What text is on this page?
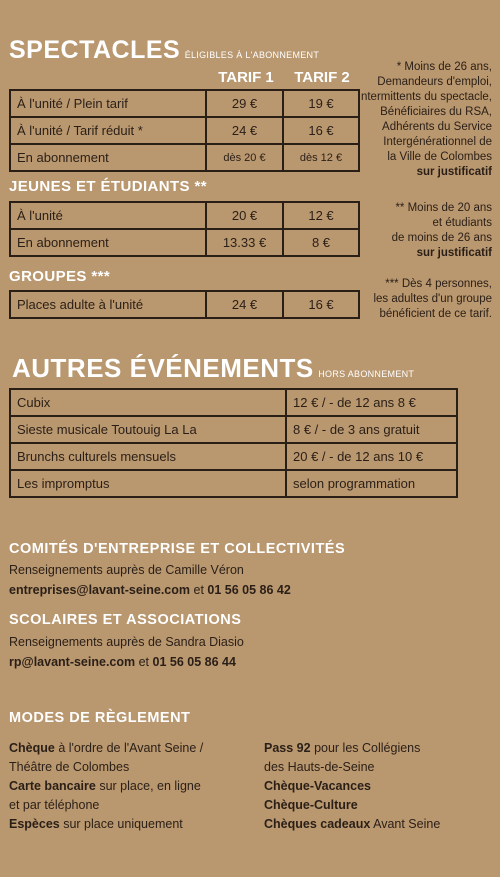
SPECTACLES ÉLIGIBLES À L'ABONNEMENT
TARIF 1	TARIF 2
À l'unité / Plein tarif	29 €	19 €
À l'unité / Tarif réduit *	24 €	16 €
En abonnement	dès 20 €	dès 12 €
JEUNES ET ÉTUDIANTS **
À l'unité	20 €	12 €
En abonnement	13.33 €	8 €
GROUPES ***
Places adulte à l'unité	24 €	16 €
* Moins de 26 ans,
Demandeurs d'emploi,
Intermittents du spectacle,
Bénéficiaires du RSA,
Adhérents du Service
Intergénérationnel de
la Ville de Colombes
sur justificatif
** Moins de 20 ans
et étudiants
de moins de 26 ans
sur justificatif
*** Dès 4 personnes,
les adultes d'un groupe
bénéficient de ce tarif.
AUTRES ÉVÉNEMENTS HORS ABONNEMENT
Cubix	12 € / - de 12 ans 8 €
Sieste musicale Toutouig La La	8 € / - de 3 ans gratuit
Brunchs culturels mensuels	20 € / - de 12 ans 10 €
Les impromptus	selon programmation
COMITÉS D'ENTREPRISE ET COLLECTIVITÉS
Renseignements auprès de Camille Véron
entreprises@lavant-seine.com et 01 56 05 86 42
SCOLAIRES ET ASSOCIATIONS
Renseignements auprès de Sandra Diasio
rp@lavant-seine.com et 01 56 05 86 44
MODES DE RÈGLEMENT
Chèque à l'ordre de l'Avant Seine /
Théâtre de Colombes
Carte bancaire sur place, en ligne
et par téléphone
Espèces sur place uniquement
Pass 92 pour les Collégiens
des Hauts-de-Seine
Chèque-Vacances
Chèque-Culture
Chèques cadeaux Avant Seine
